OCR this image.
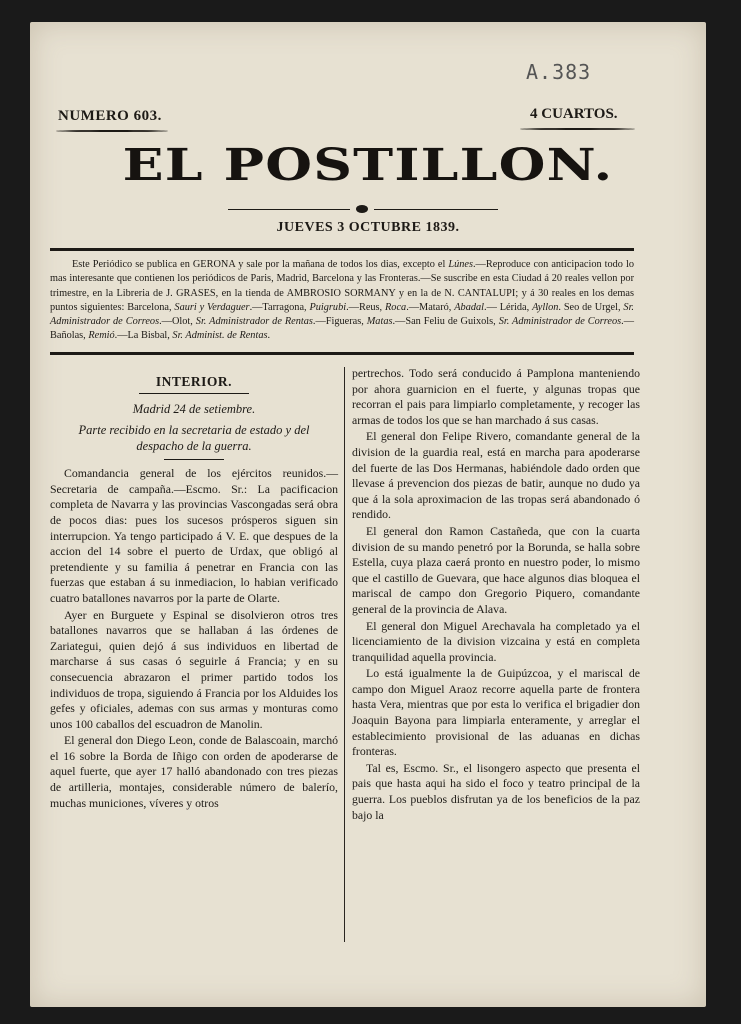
A.383
NUMERO 603.	4 CUARTOS.
EL POSTILLON.
JUEVES 3 OCTUBRE 1839.

Este Periódico se publica en GERONA y sale por la mañana de todos los dias, excepto el Lúnes.—Reproduce con anticipacion todo lo mas interesante que contienen los periódicos de Paris, Madrid, Barcelona y las Fronteras.—Se suscribe en esta Ciudad á 20 reales vellon por trimestre, en la Libreria de J. GRASES, en la tienda de AMBROSIO SORMANY y en la de N. CANTALUPI; y á 30 reales en los demas puntos siguientes: Barcelona, Sauri y Verdaguer.—Tarragona, Puigrubi.—Reus, Roca.—Mataró, Abadal.— Lérida, Ayllon. Seo de Urgel, Sr. Administrador de Correos.—Olot, Sr. Administrador de Rentas.—Figueras, Matas.—San Feliu de Guixols, Sr. Administrador de Correos.— Bañolas, Remió.—La Bisbal, Sr. Administ. de Rentas.

INTERIOR.
Madrid 24 de setiembre.
Parte recibido en la secretaria de estado y del despacho de la guerra.

Comandancia general de los ejércitos reunidos.—Secretaria de campaña.—Escmo. Sr.: La pacificacion completa de Navarra y las provincias Vascongadas será obra de pocos dias: pues los sucesos prósperos siguen sin interrupcion. Ya tengo participado á V. E. que despues de la accion del 14 sobre el puerto de Urdax, que obligó al pretendiente y su familia á penetrar en Francia con las fuerzas que estaban á su inmediacion, lo habian verificado cuatro batallones navarros por la parte de Olarte.

Ayer en Burguete y Espinal se disolvieron otros tres batallones navarros que se hallaban á las órdenes de Zariategui, quien dejó á sus individuos en libertad de marcharse á sus casas ó seguirle á Francia; y en su consecuencia abrazaron el primer partido todos los individuos de tropa, siguiendo á Francia por los Alduides los gefes y oficiales, ademas con sus armas y monturas como unos 100 caballos del escuadron de Manolin.

El general don Diego Leon, conde de Balascoain, marchó el 16 sobre la Borda de Iñigo con orden de apoderarse de aquel fuerte, que ayer 17 halló abandonado con tres piezas de artilleria, montajes, considerable número de balerío, muchas municiones, víveres y otros

pertrechos. Todo será conducido á Pamplona manteniendo por ahora guarnicion en el fuerte, y algunas tropas que recorran el pais para limpiarlo completamente, y recoger las armas de todos los que se han marchado á sus casas.

El general don Felipe Rivero, comandante general de la division de la guardia real, está en marcha para apoderarse del fuerte de las Dos Hermanas, habiéndole dado orden que llevase á prevencion dos piezas de batir, aunque no dudo ya que á la sola aproximacion de las tropas será abandonado ó rendido.

El general don Ramon Castañeda, que con la cuarta division de su mando penetró por la Borunda, se halla sobre Estella, cuya plaza caerá pronto en nuestro poder, lo mismo que el castillo de Guevara, que hace algunos dias bloquea el mariscal de campo don Gregorio Piquero, comandante general de la provincia de Alava.

El general don Miguel Arechavala ha completado ya el licenciamiento de la division vizcaina y está en completa tranquilidad aquella provincia.

Lo está igualmente la de Guipúzcoa, y el mariscal de campo don Miguel Araoz recorre aquella parte de frontera hasta Vera, mientras que por esta lo verifica el brigadier don Joaquin Bayona para limpiarla enteramente, y arreglar el establecimiento provisional de las aduanas en dichas fronteras.

Tal es, Escmo. Sr., el lisongero aspecto que presenta el pais que hasta aqui ha sido el foco y teatro principal de la guerra. Los pueblos disfrutan ya de los beneficios de la paz bajo la
